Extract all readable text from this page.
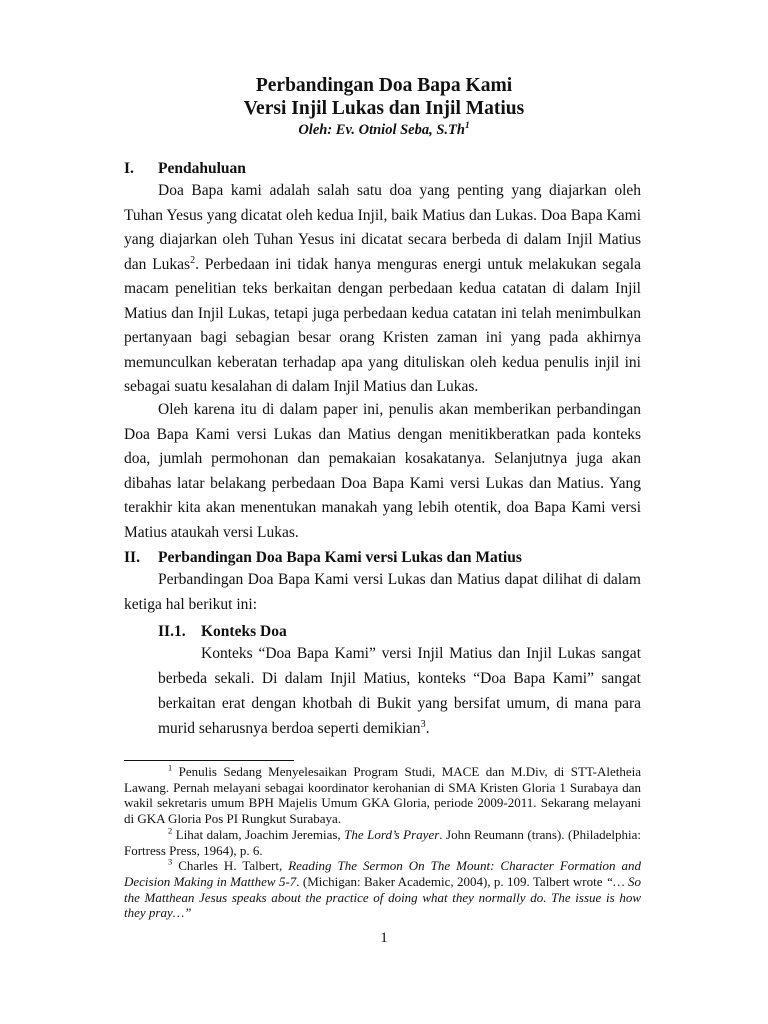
Perbandingan Doa Bapa Kami
Versi Injil Lukas dan Injil Matius
Oleh: Ev. Otniol Seba, S.Th$^1$
I.	Pendahuluan

Doa Bapa kami adalah salah satu doa yang penting yang diajarkan oleh Tuhan Yesus yang dicatat oleh kedua Injil, baik Matius dan Lukas. Doa Bapa Kami yang diajarkan oleh Tuhan Yesus ini dicatat secara berbeda di dalam Injil Matius dan Lukas$^2$. Perbedaan ini tidak hanya menguras energi untuk melakukan segala macam penelitian teks berkaitan dengan perbedaan kedua catatan di dalam Injil Matius dan Injil Lukas, tetapi juga perbedaan kedua catatan ini telah menimbulkan pertanyaan bagi sebagian besar orang Kristen zaman ini yang pada akhirnya memunculkan keberatan terhadap apa yang dituliskan oleh kedua penulis injil ini sebagai suatu kesalahan di dalam Injil Matius dan Lukas.

Oleh karena itu di dalam paper ini, penulis akan memberikan perbandingan Doa Bapa Kami versi Lukas dan Matius dengan menitikberatkan pada konteks doa, jumlah permohonan dan pemakaian kosakatanya. Selanjutnya juga akan dibahas latar belakang perbedaan Doa Bapa Kami versi Lukas dan Matius. Yang terakhir kita akan menentukan manakah yang lebih otentik, doa Bapa Kami versi Matius ataukah versi Lukas.

II.	Perbandingan Doa Bapa Kami versi Lukas dan Matius

Perbandingan Doa Bapa Kami versi Lukas dan Matius dapat dilihat di dalam ketiga hal berikut ini:

II.1. Konteks Doa

Konteks “Doa Bapa Kami” versi Injil Matius dan Injil Lukas sangat berbeda sekali. Di dalam Injil Matius, konteks “Doa Bapa Kami” sangat berkaitan erat dengan khotbah di Bukit yang bersifat umum, di mana para murid seharusnya berdoa seperti demikian$^3$.

$^1$ Penulis Sedang Menyelesaikan Program Studi, MACE dan M.Div, di STT-Aletheia Lawang. Pernah melayani sebagai koordinator kerohanian di SMA Kristen Gloria 1 Surabaya dan wakil sekretaris umum BPH Majelis Umum GKA Gloria, periode 2009-2011. Sekarang melayani di GKA Gloria Pos PI Rungkut Surabaya.

$^2$ Lihat dalam, Joachim Jeremias, The Lord’s Prayer. John Reumann (trans). (Philadelphia: Fortress Press, 1964), p. 6.

$^3$ Charles H. Talbert, Reading The Sermon On The Mount: Character Formation and Decision Making in Matthew 5-7. (Michigan: Baker Academic, 2004), p. 109. Talbert wrote “… So the Matthean Jesus speaks about the practice of doing what they normally do. The issue is how they pray…”

1
